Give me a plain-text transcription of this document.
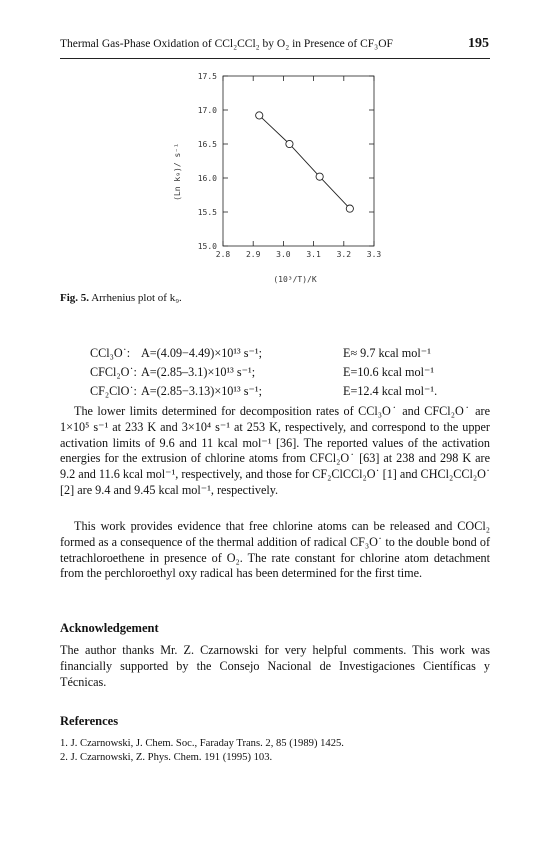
Thermal Gas-Phase Oxidation of CCl₂CCl₂ by O₂ in Presence of CF₃OF	195
15.0
15.5
16.0
16.5
17.0
17.5
2.8 2.9 3.0 3.1 3.2 3.3
(Ln k₉)/ s⁻¹
(10³/T)/K
Fig. 5. Arrhenius plot of k₉.
CCl₃O˙: A=(4.09−4.49)×10¹³ s⁻¹;	E≈ 9.7 kcal mol⁻¹
CFCl₂O˙: A=(2.85–3.1)×10¹³ s⁻¹;	E=10.6 kcal mol⁻¹
CF₂ClO˙: A=(2.85−3.13)×10¹³ s⁻¹;	E=12.4 kcal mol⁻¹.

The lower limits determined for decomposition rates of CCl₃O˙ and CFCl₂O˙ are 1×10⁵ s⁻¹ at 233 K and 3×10⁴ s⁻¹ at 253 K, respectively, and correspond to the upper activation limits of 9.6 and 11 kcal mol⁻¹ [36]. The reported values of the activation energies for the extrusion of chlorine atoms from CFCl₂O˙ [63] at 238 and 298 K are 9.2 and 11.6 kcal mol⁻¹, respectively, and those for CF₂ClCCl₂O˙ [1] and CHCl₂CCl₂O˙ [2] are 9.4 and 9.45 kcal mol⁻¹, respectively.

This work provides evidence that free chlorine atoms can be released and COCl₂ formed as a consequence of the thermal addition of radical CF₃O˙ to the double bond of tetrachloroethene in presence of O₂. The rate constant for chlorine atom detachment from the perchloroethyl oxy radical has been determined for the first time.

Acknowledgement

The author thanks Mr. Z. Czarnowski for very helpful comments. This work was financially supported by the Consejo Nacional de Investigaciones Científicas y Técnicas.

References
1. J. Czarnowski, J. Chem. Soc., Faraday Trans. 2, 85 (1989) 1425.
2. J. Czarnowski, Z. Phys. Chem. 191 (1995) 103.
